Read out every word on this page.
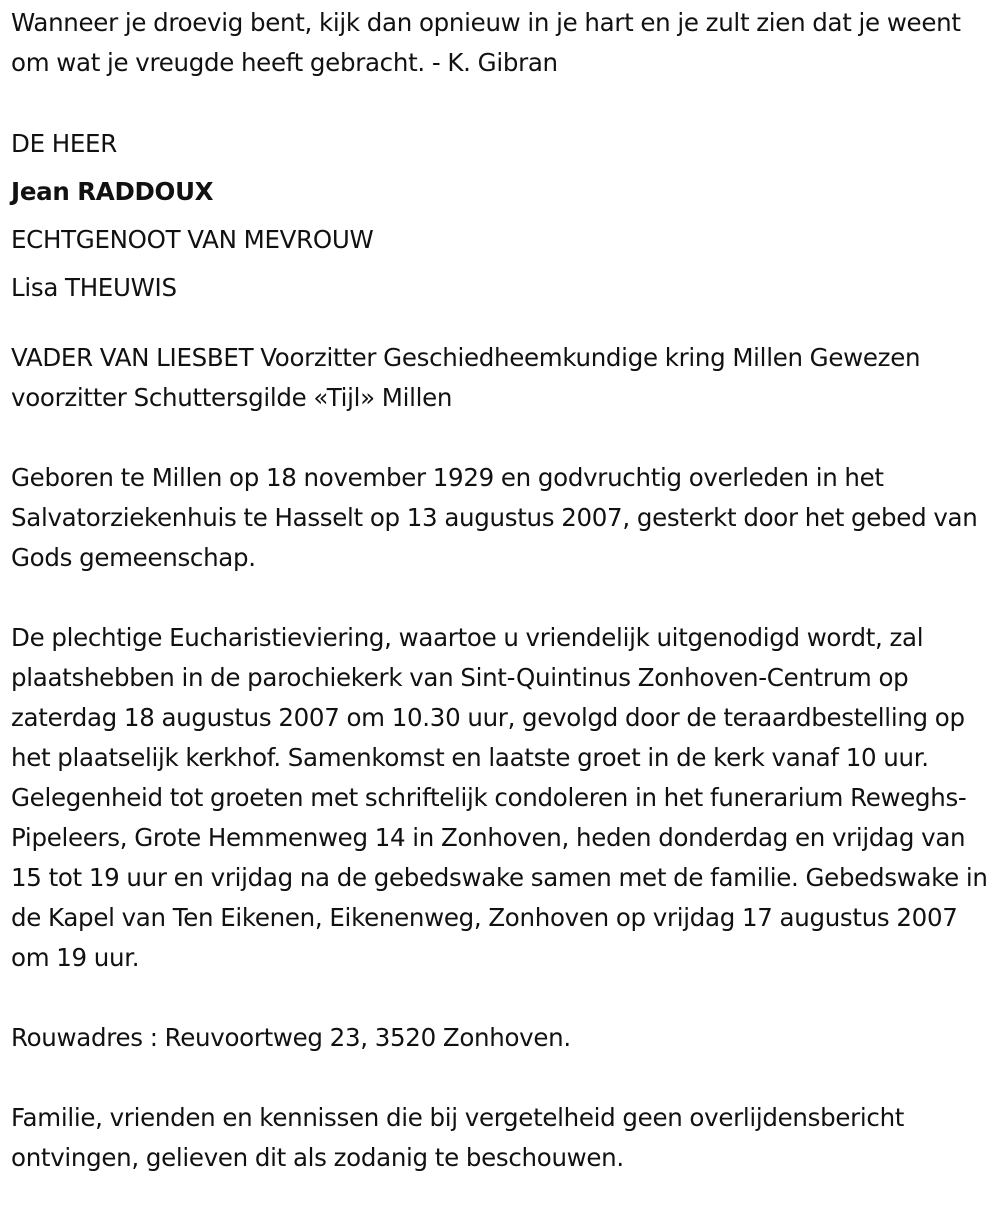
Wanneer je droevig bent, kijk dan opnieuw in je hart en je zult zien dat je weent om wat je vreugde heeft gebracht. - K. Gibran

DE HEER
Jean RADDOUX
ECHTGENOOT VAN MEVROUW
Lisa THEUWIS

VADER VAN LIESBET Voorzitter Geschiedheemkundige kring Millen Gewezen voorzitter Schuttersgilde «Tijl» Millen

Geboren te Millen op 18 november 1929 en godvruchtig overleden in het Salvatorziekenhuis te Hasselt op 13 augustus 2007, gesterkt door het gebed van Gods gemeenschap.

De plechtige Eucharistieviering, waartoe u vriendelijk uitgenodigd wordt, zal plaatshebben in de parochiekerk van Sint-Quintinus Zonhoven-Centrum op zaterdag 18 augustus 2007 om 10.30 uur, gevolgd door de teraardbestelling op het plaatselijk kerkhof. Samenkomst en laatste groet in de kerk vanaf 10 uur. Gelegenheid tot groeten met schriftelijk condoleren in het funerarium Reweghs-Pipeleers, Grote Hemmenweg 14 in Zonhoven, heden donderdag en vrijdag van 15 tot 19 uur en vrijdag na de gebedswake samen met de familie. Gebedswake in de Kapel van Ten Eikenen, Eikenenweg, Zonhoven op vrijdag 17 augustus 2007 om 19 uur.

Rouwadres : Reuvoortweg 23, 3520 Zonhoven.

Familie, vrienden en kennissen die bij vergetelheid geen overlijdensbericht ontvingen, gelieven dit als zodanig te beschouwen.
